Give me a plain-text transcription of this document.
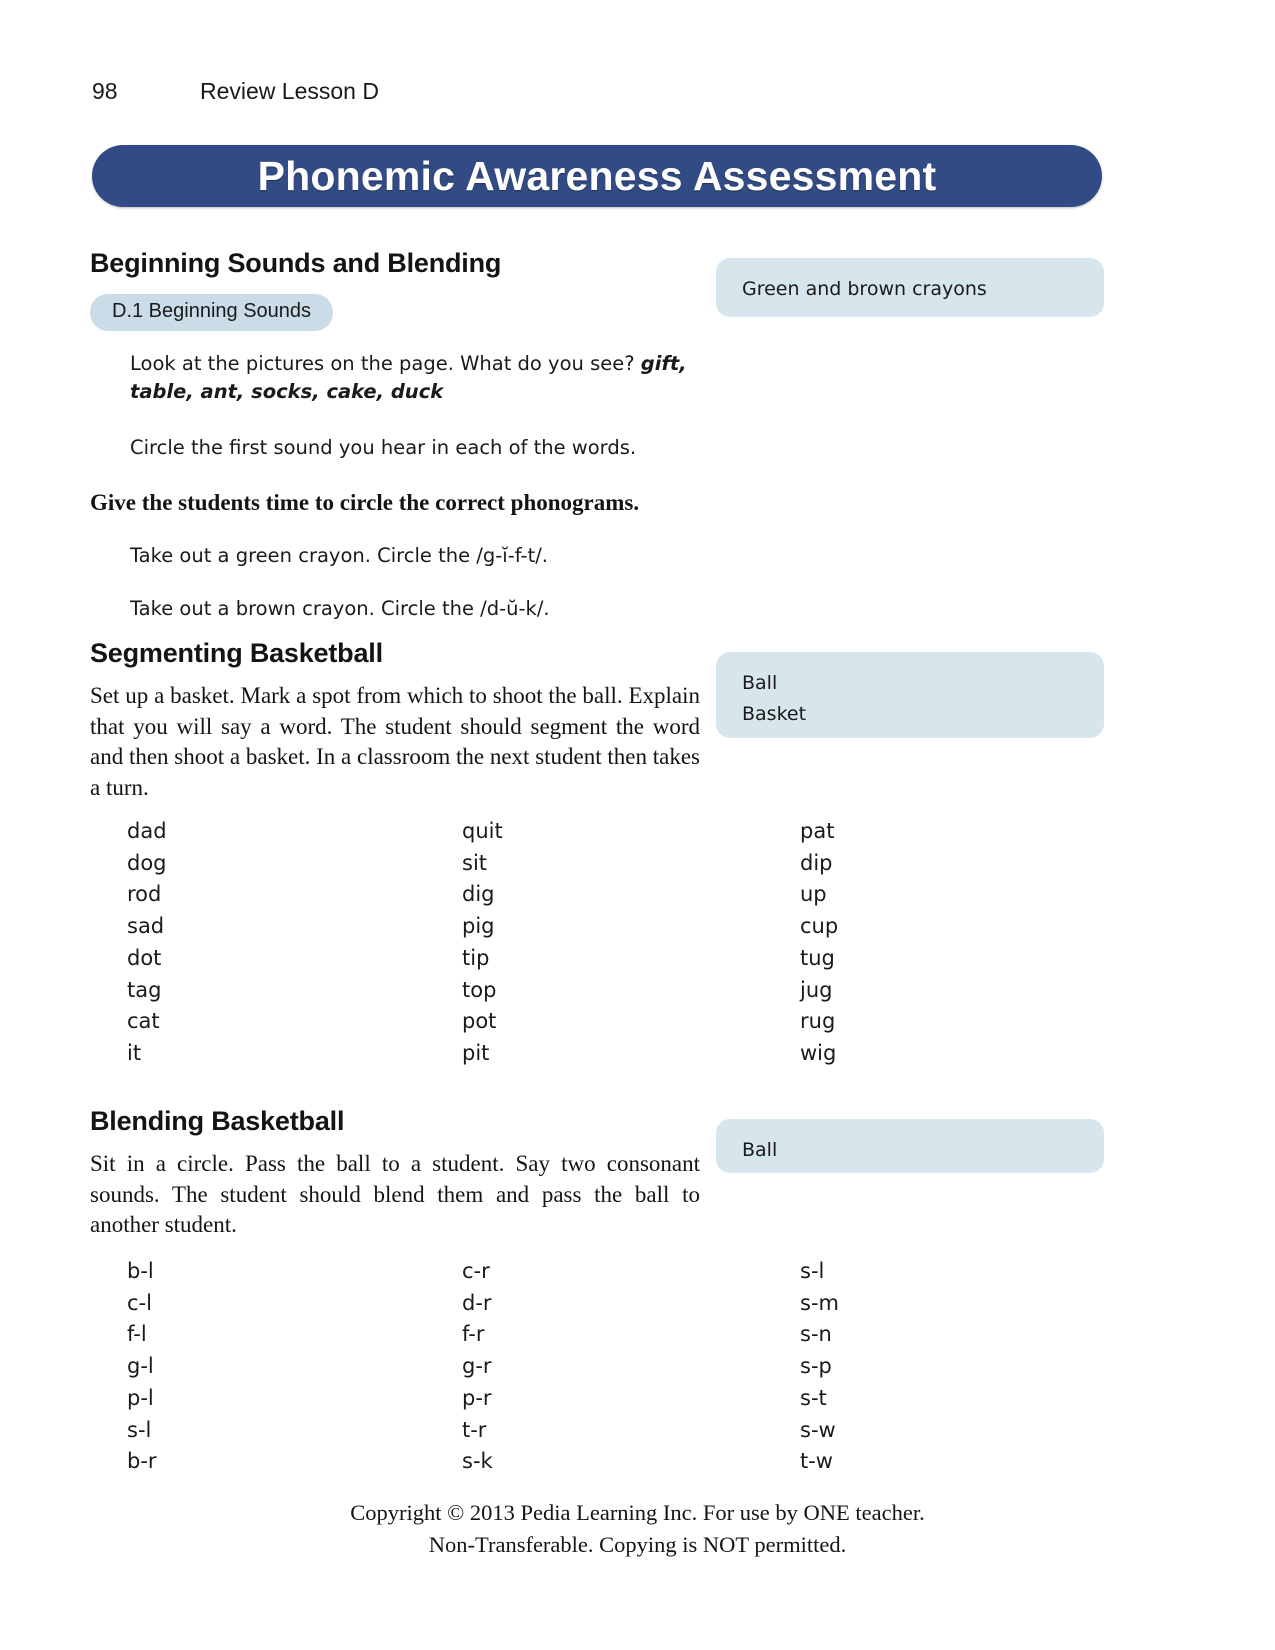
98	Review Lesson D
Phonemic Awareness Assessment
Beginning Sounds and Blending
D.1 Beginning Sounds

Look at the pictures on the page. What do you see? gift, table, ant, socks, cake, duck

Circle the first sound you hear in each of the words.

Give the students time to circle the correct phonograms.

Take out a green crayon. Circle the /g-ĭ-f-t/.

Take out a brown crayon. Circle the /d-ŭ-k/.

Green and brown crayons
Segmenting Basketball

Set up a basket. Mark a spot from which to shoot the ball. Explain that you will say a word. The student should segment the word and then shoot a basket. In a classroom the next student then takes a turn.

Ball
Basket
dad	quit	pat
dog	sit	dip
rod	dig	up
sad	pig	cup
dot	tip	tug
tag	top	jug
cat	pot	rug
it	pit	wig
Blending Basketball

Sit in a circle. Pass the ball to a student. Say two consonant sounds. The student should blend them and pass the ball to another student.

Ball
b-l	c-r	s-l
c-l	d-r	s-m
f-l	f-r	s-n
g-l	g-r	s-p
p-l	p-r	s-t
s-l	t-r	s-w
b-r	s-k	t-w
Copyright © 2013 Pedia Learning Inc. For use by ONE teacher.
Non-Transferable. Copying is NOT permitted.
